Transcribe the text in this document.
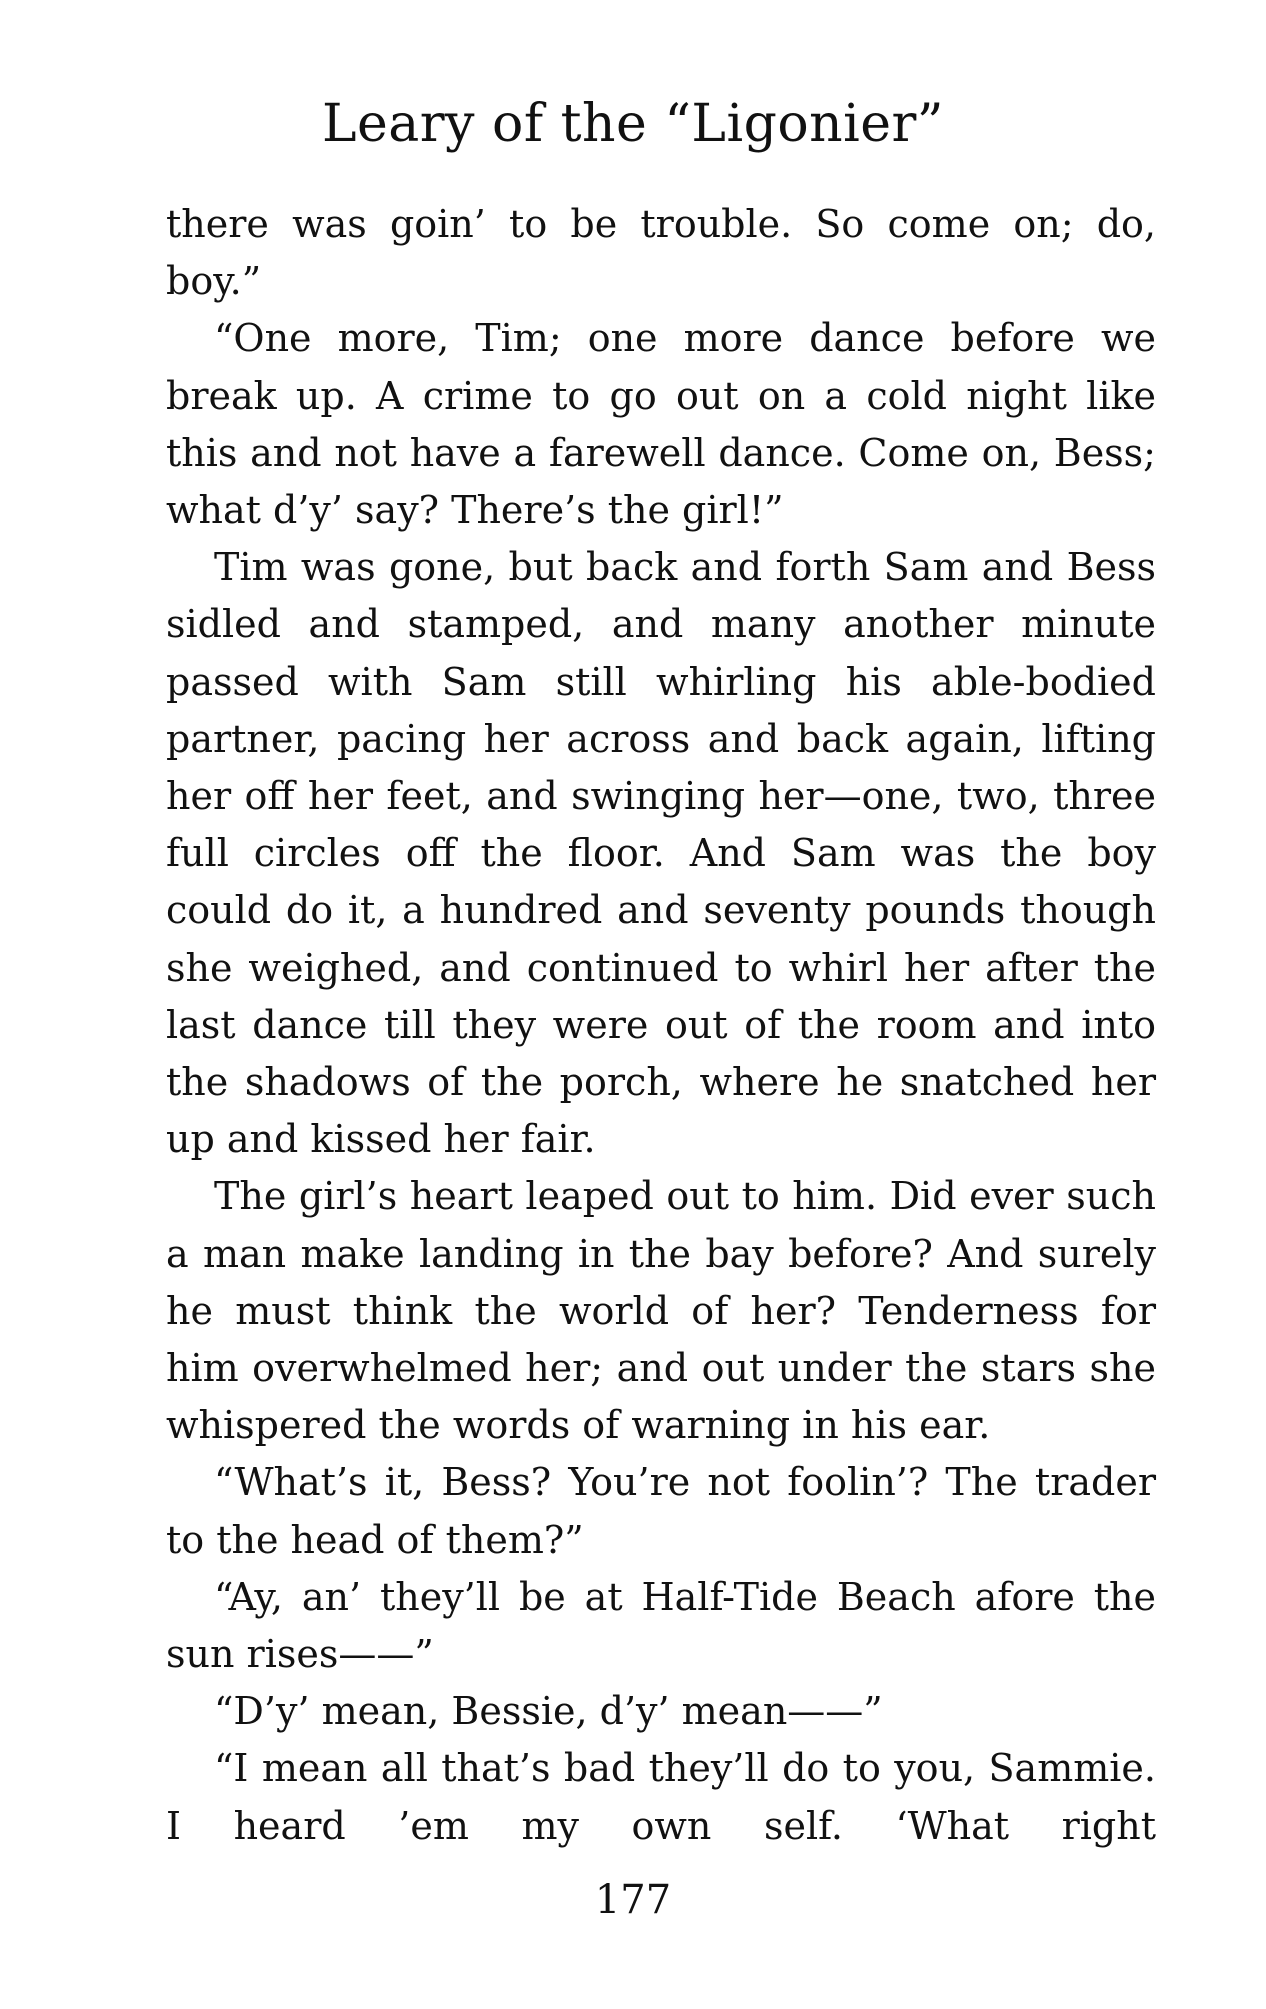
Leary of the “Ligonier”

there was goin’ to be trouble. So come on; do, boy.”

“One more, Tim; one more dance before we break up. A crime to go out on a cold night like this and not have a farewell dance. Come on, Bess; what d’y’ say? There’s the girl!”

Tim was gone, but back and forth Sam and Bess sidled and stamped, and many another minute passed with Sam still whirling his able-bodied partner, pacing her across and back again, lifting her off her feet, and swinging her—one, two, three full circles off the floor. And Sam was the boy could do it, a hundred and seventy pounds though she weighed, and continued to whirl her after the last dance till they were out of the room and into the shadows of the porch, where he snatched her up and kissed her fair.

The girl’s heart leaped out to him. Did ever such a man make landing in the bay before? And surely he must think the world of her? Tenderness for him overwhelmed her; and out under the stars she whispered the words of warning in his ear.

“What’s it, Bess? You’re not foolin’? The trader to the head of them?”

“Ay, an’ they’ll be at Half-Tide Beach afore the sun rises——”

“D’y’ mean, Bessie, d’y’ mean——”

“I mean all that’s bad they’ll do to you, Sammie. I heard ’em my own self. ‘What right

177
